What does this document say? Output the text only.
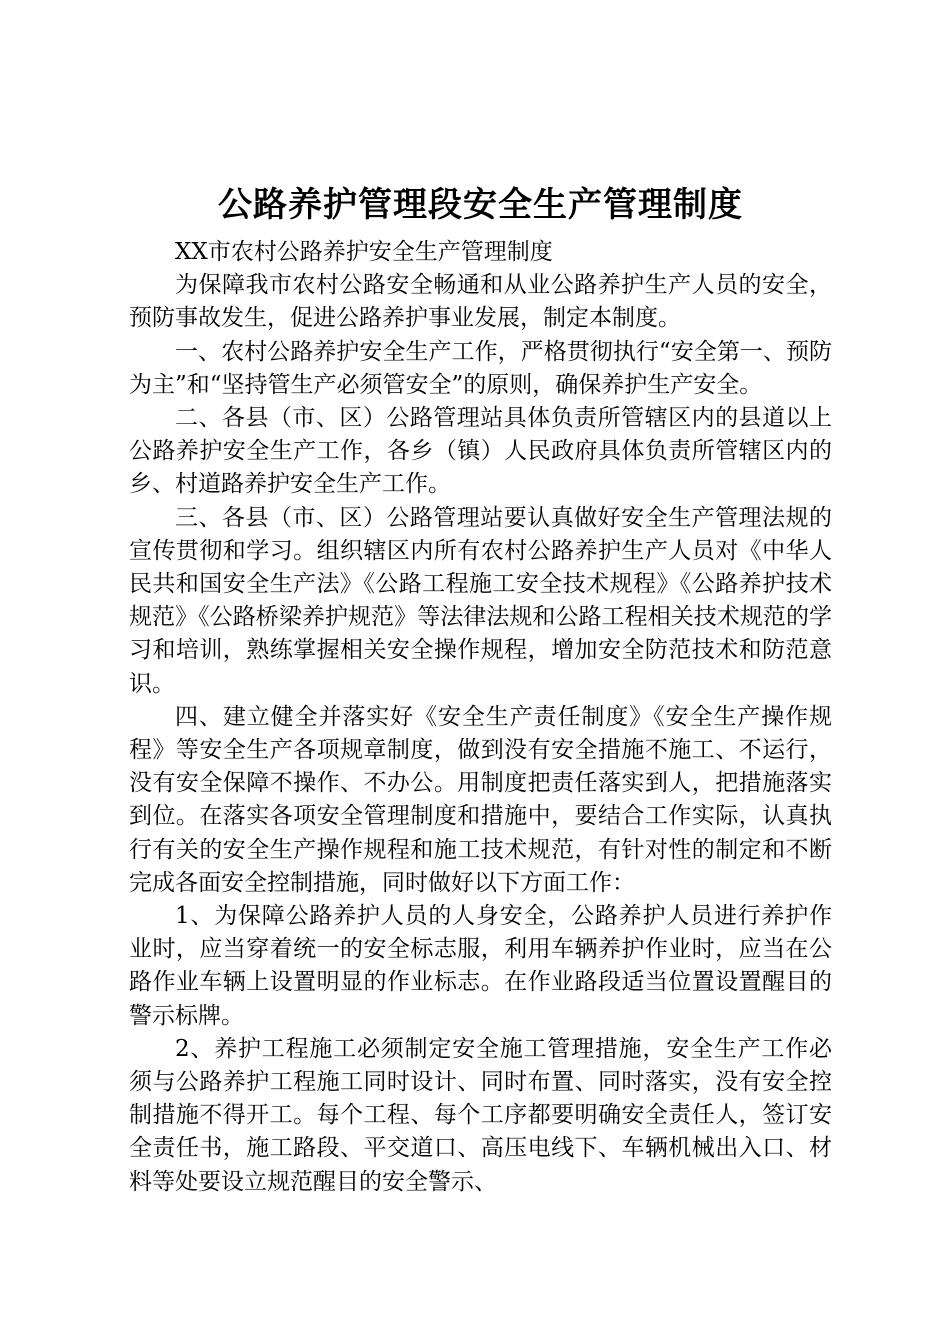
公路养护管理段安全生产管理制度

XX市农村公路养护安全生产管理制度

为保障我市农村公路安全畅通和从业公路养护生产人员的安全，预防事故发生，促进公路养护事业发展，制定本制度。

一、农村公路养护安全生产工作，严格贯彻执行“安全第一、预防为主”和“坚持管生产必须管安全”的原则，确保养护生产安全。

二、各县（市、区）公路管理站具体负责所管辖区内的县道以上公路养护安全生产工作，各乡（镇）人民政府具体负责所管辖区内的乡、村道路养护安全生产工作。

三、各县（市、区）公路管理站要认真做好安全生产管理法规的宣传贯彻和学习。组织辖区内所有农村公路养护生产人员对《中华人民共和国安全生产法》《公路工程施工安全技术规程》《公路养护技术规范》《公路桥梁养护规范》等法律法规和公路工程相关技术规范的学习和培训，熟练掌握相关安全操作规程，增加安全防范技术和防范意识。

四、建立健全并落实好《安全生产责任制度》《安全生产操作规程》等安全生产各项规章制度，做到没有安全措施不施工、不运行，没有安全保障不操作、不办公。用制度把责任落实到人，把措施落实到位。在落实各项安全管理制度和措施中，要结合工作实际，认真执行有关的安全生产操作规程和施工技术规范，有针对性的制定和不断完成各面安全控制措施，同时做好以下方面工作：

1、为保障公路养护人员的人身安全，公路养护人员进行养护作业时，应当穿着统一的安全标志服，利用车辆养护作业时，应当在公路作业车辆上设置明显的作业标志。在作业路段适当位置设置醒目的警示标牌。

2、养护工程施工必须制定安全施工管理措施，安全生产工作必须与公路养护工程施工同时设计、同时布置、同时落实，没有安全控制措施不得开工。每个工程、每个工序都要明确安全责任人，签订安全责任书，施工路段、平交道口、高压电线下、车辆机械出入口、材料等处要设立规范醒目的安全警示、
